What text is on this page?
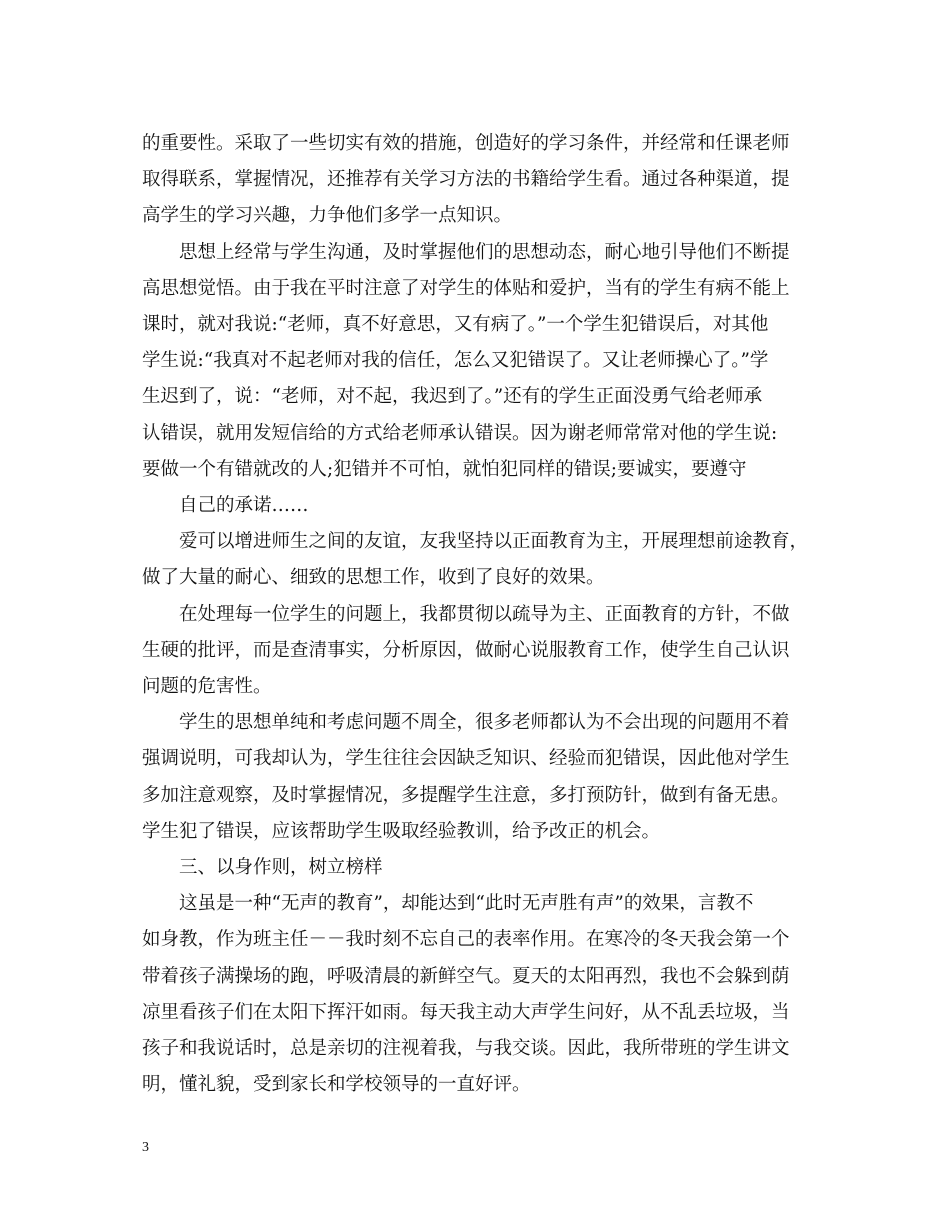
的重要性。采取了一些切实有效的措施，创造好的学习条件，并经常和任课老师
取得联系，掌握情况，还推荐有关学习方法的书籍给学生看。通过各种渠道，提
高学生的学习兴趣，力争他们多学一点知识。

思想上经常与学生沟通，及时掌握他们的思想动态，耐心地引导他们不断提
高思想觉悟。由于我在平时注意了对学生的体贴和爱护，当有的学生有病不能上
课时，就对我说:“老师，真不好意思，又有病了。”一个学生犯错误后，对其他
学生说:“我真对不起老师对我的信任，怎么又犯错误了。又让老师操心了。”学
生迟到了，说：“老师，对不起，我迟到了。”还有的学生正面没勇气给老师承
认错误，就用发短信给的方式给老师承认错误。因为谢老师常常对他的学生说:
要做一个有错就改的人;犯错并不可怕，就怕犯同样的错误;要诚实，要遵守

自己的承诺……

爱可以增进师生之间的友谊，友我坚持以正面教育为主，开展理想前途教育，
做了大量的耐心、细致的思想工作，收到了良好的效果。

在处理每一位学生的问题上，我都贯彻以疏导为主、正面教育的方针，不做
生硬的批评，而是查清事实，分析原因，做耐心说服教育工作，使学生自己认识
问题的危害性。

学生的思想单纯和考虑问题不周全，很多老师都认为不会出现的问题用不着
强调说明，可我却认为，学生往往会因缺乏知识、经验而犯错误，因此他对学生
多加注意观察，及时掌握情况，多提醒学生注意，多打预防针，做到有备无患。
学生犯了错误，应该帮助学生吸取经验教训，给予改正的机会。

三、以身作则，树立榜样

这虽是一种“无声的教育”，却能达到“此时无声胜有声”的效果，言教不
如身教，作为班主任－－我时刻不忘自己的表率作用。在寒冷的冬天我会第一个
带着孩子满操场的跑，呼吸清晨的新鲜空气。夏天的太阳再烈，我也不会躲到荫
凉里看孩子们在太阳下挥汗如雨。每天我主动大声学生问好，从不乱丢垃圾，当
孩子和我说话时，总是亲切的注视着我，与我交谈。因此，我所带班的学生讲文
明，懂礼貌，受到家长和学校领导的一直好评。

3
